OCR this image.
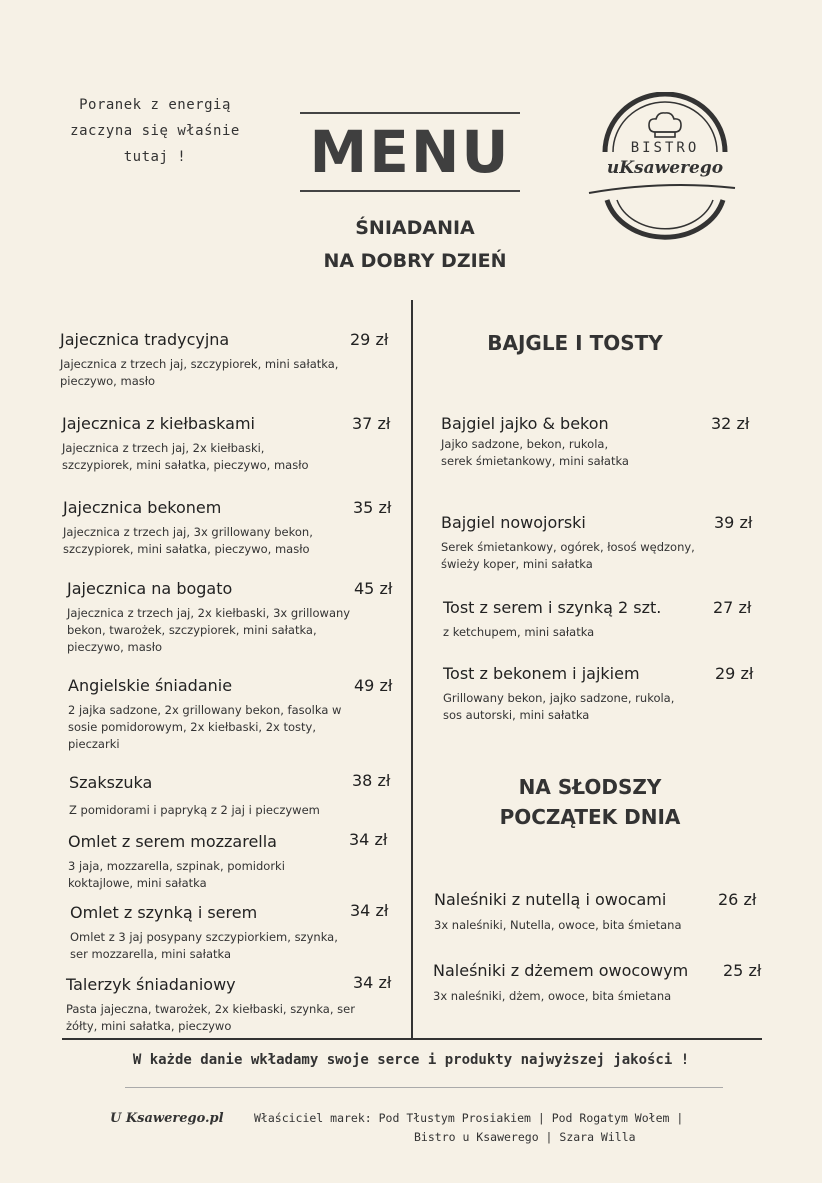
Poranek z energią
zaczyna się właśnie
tutaj !	MENU
ŚNIADANIA
NA DOBRY DZIEŃ
BISTRO
uKsawerego
Jajecznica tradycyjna	29 zł
Jajecznica z trzech jaj, szczypiorek, mini sałatka, pieczywo, masło
Jajecznica z kiełbaskami	37 zł
Jajecznica z trzech jaj, 2x kiełbaski, szczypiorek, mini sałatka, pieczywo, masło
Jajecznica bekonem	35 zł
Jajecznica z trzech jaj, 3x grillowany bekon, szczypiorek, mini sałatka, pieczywo, masło
Jajecznica na bogato	45 zł
Jajecznica z trzech jaj, 2x kiełbaski, 3x grillowany bekon, twarożek, szczypiorek, mini sałatka, pieczywo, masło
Angielskie śniadanie	49 zł
2 jajka sadzone, 2x grillowany bekon, fasolka w sosie pomidorowym, 2x kiełbaski, 2x tosty, pieczarki
Szakszuka	38 zł
Z pomidorami i papryką z 2 jaj i pieczywem
Omlet z serem mozzarella	34 zł
3 jaja, mozzarella, szpinak, pomidorki koktajlowe, mini sałatka
Omlet z szynką i serem	34 zł
Omlet z 3 jaj posypany szczypiorkiem, szynka, ser mozzarella, mini sałatka
Talerzyk śniadaniowy	34 zł
Pasta jajeczna, twarożek, 2x kiełbaski, szynka, ser żółty, mini sałatka, pieczywo
BAJGLE I TOSTY
Bajgiel jajko & bekon	32 zł
Jajko sadzone, bekon, rukola, serek śmietankowy, mini sałatka
Bajgiel nowojorski	39 zł
Serek śmietankowy, ogórek, łosoś wędzony, świeży koper, mini sałatka
Tost z serem i szynką 2 szt.	27 zł
z ketchupem, mini sałatka
Tost z bekonem i jajkiem	29 zł
Grillowany bekon, jajko sadzone, rukola, sos autorski, mini sałatka
NA SŁODSZY
POCZĄTEK DNIA
Naleśniki z nutellą i owocami	26 zł
3x naleśniki, Nutella, owoce, bita śmietana
Naleśniki z dżemem owocowym	25 zł
3x naleśniki, dżem, owoce, bita śmietana
W każde danie wkładamy swoje serce i produkty najwyższej jakości !
U Ksawerego.pl	Właściciel marek: Pod Tłustym Prosiakiem | Pod Rogatym Wołem |
Bistro u Ksawerego | Szara Willa
